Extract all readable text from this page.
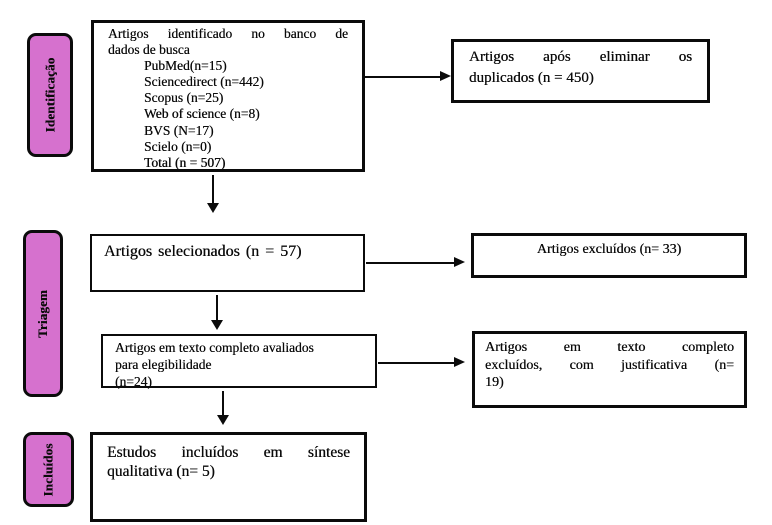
Identificação
Triagem
Incluídos
Artigos identificado no banco de
dados de busca
PubMed(n=15)
Sciencedirect (n=442)
Scopus (n=25)
Web of science (n=8)
BVS (N=17)
Scielo (n=0)
Total (n = 507)
Artigos após eliminar os
duplicados (n = 450)
Artigos selecionados (n = 57)	Artigos excluídos (n= 33)
Artigos em texto completo avaliados
para elegibilidade
(n=24)
Artigos em texto completo
excluídos, com justificativa (n=
19)
Estudos incluídos em síntese
qualitativa (n= 5)
